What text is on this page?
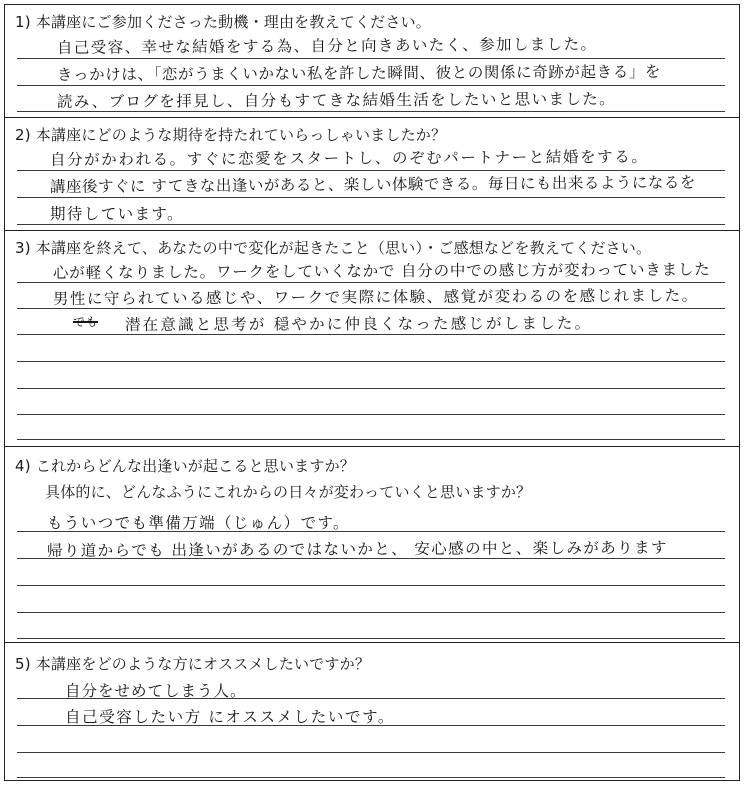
1) 本講座にご参加くださった動機・理由を教えてください。
自己受容、幸せな結婚をする為、自分と向きあいたく、参加しました。
きっかけは、「恋がうまくいかない私を許した瞬間、彼との関係に奇跡が起きる」を
読み、ブログを拝見し、自分もすてきな結婚生活をしたいと思いました。
2) 本講座にどのような期待を持たれていらっしゃいましたか？
自分がかわれる。すぐに恋愛をスタートし、のぞむパートナーと結婚をする。
講座後すぐに すてきな出逢いがあると、楽しい体験できる。毎日にも出来るようになるを
期待しています。
3) 本講座を終えて、あなたの中で変化が起きたこと（思い）・ご感想などを教えてください。
心が軽くなりました。ワークをしていくなかで 自分の中での感じ方が変わっていきました
男性に守られている感じや、ワークで実際に体験、感覚が変わるのを感じれました。
でも 潜在意識と思考が 穏やかに仲良くなった感じがしました。
4) これからどんな出逢いが起こると思いますか？
具体的に、どんなふうにこれからの日々が変わっていくと思いますか？
もういつでも準備万端（じゅん）です。
帰り道からでも 出逢いがあるのではないかと、 安心感の中と、楽しみがあります
5) 本講座をどのような方にオススメしたいですか？
自分をせめてしまう人。
自己受容したい方 にオススメしたいです。
